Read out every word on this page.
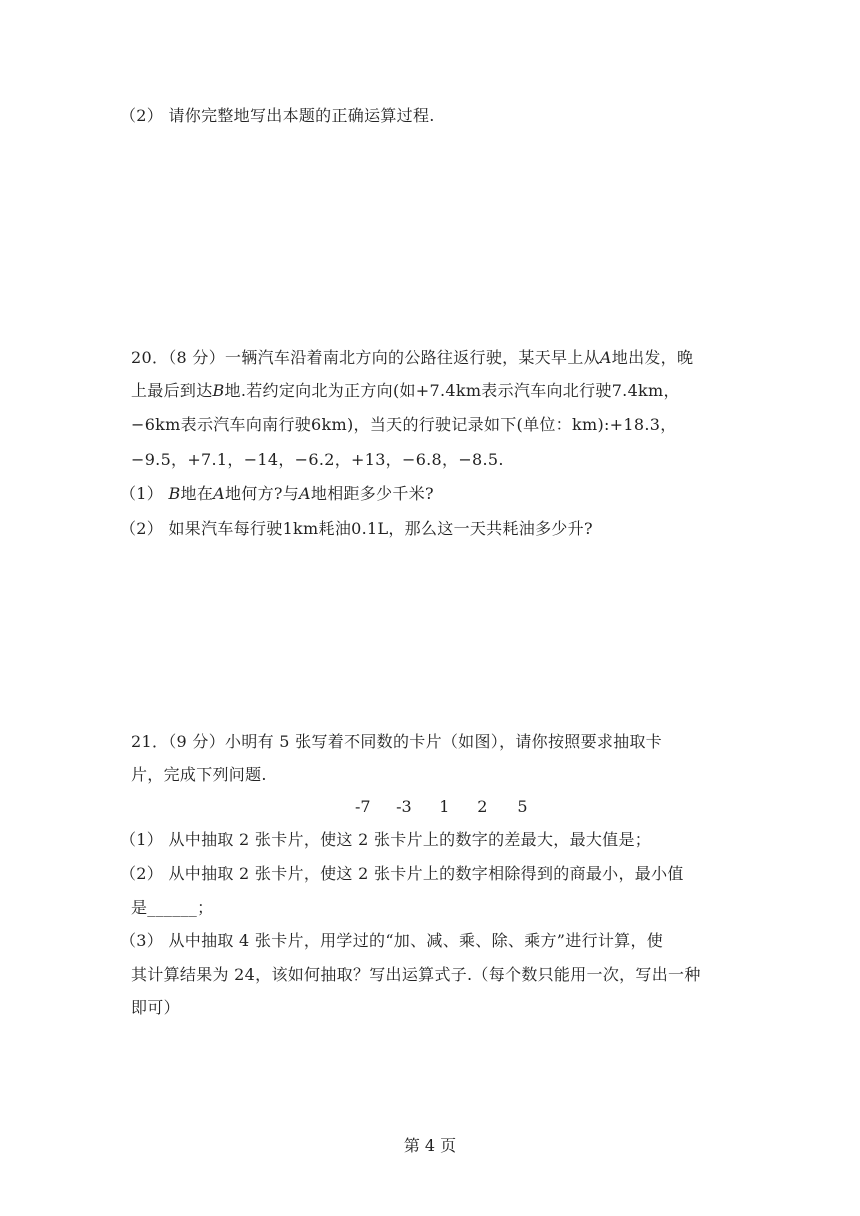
（2） 请你完整地写出本题的正确运算过程.
20．（8 分）一辆汽车沿着南北方向的公路往返行驶，某天早上从𝐴地出发，晚
上最后到达𝐵地.若约定向北为正方向(如+7.4km表示汽车向北行驶7.4km，
−6km表示汽车向南行驶6km)，当天的行驶记录如下(单位：km):+18.3，
−9.5，+7.1，−14，−6.2，+13，−6.8，−8.5.
（1） 𝐵地在𝐴地何方?与𝐴地相距多少千米?
（2） 如果汽车每行驶1km耗油0.1L，那么这一天共耗油多少升?
21．（9 分）小明有 5 张写着不同数的卡片（如图），请你按照要求抽取卡
片，完成下列问题.
-7 -3 1 2 5
（1） 从中抽取 2 张卡片，使这 2 张卡片上的数字的差最大，最大值是；
（2） 从中抽取 2 张卡片，使这 2 张卡片上的数字相除得到的商最小，最小值
是______；
（3） 从中抽取 4 张卡片，用学过的“加、减、乘、除、乘方”进行计算，使
其计算结果为 24，该如何抽取？写出运算式子.（每个数只能用一次，写出一种
即可）
第 4 页
